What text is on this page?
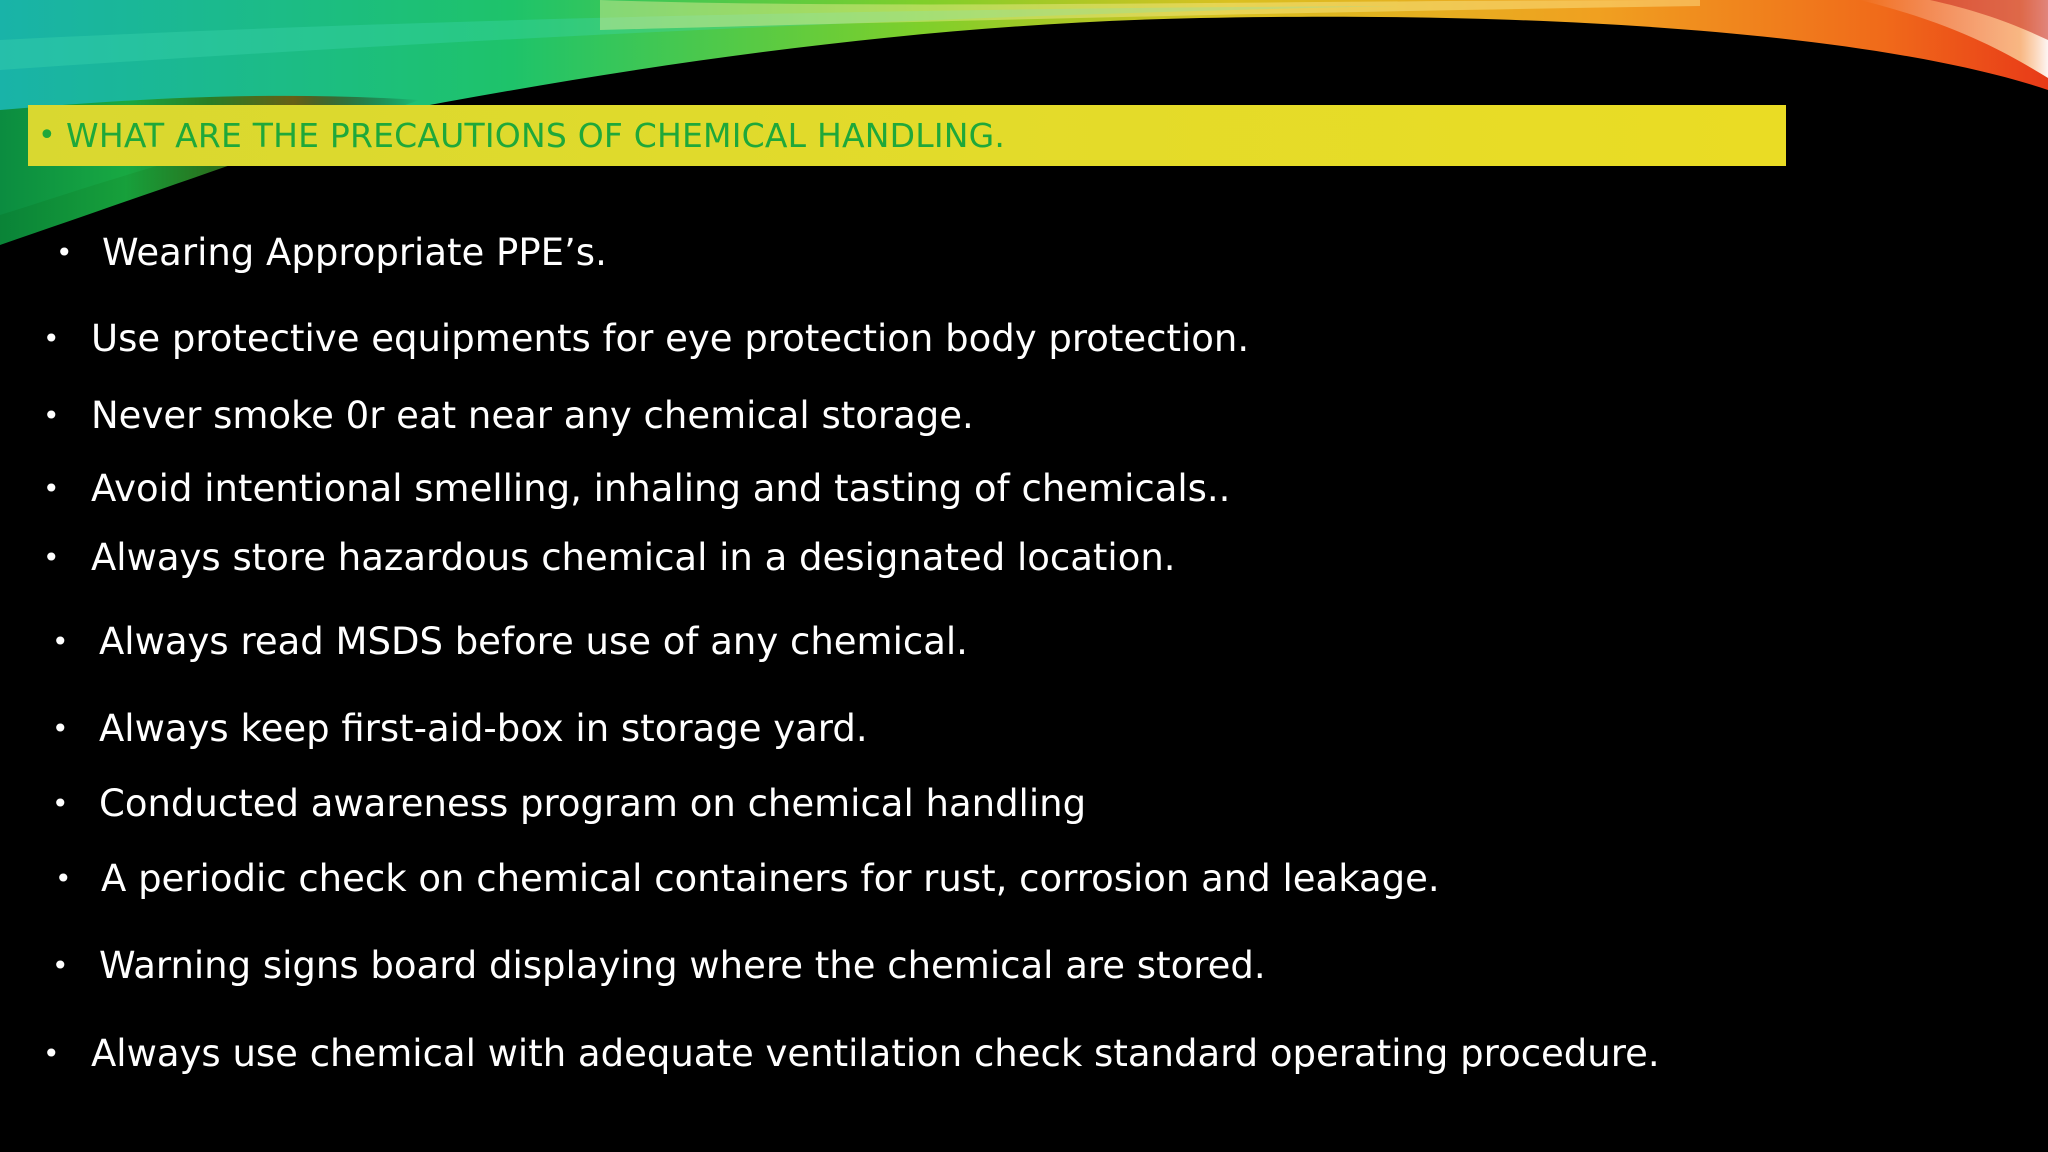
• WHAT ARE THE PRECAUTIONS OF CHEMICAL HANDLING.
• Wearing Appropriate PPE’s.
• Use protective equipments for eye protection body protection.
• Never smoke 0r eat near any chemical storage.
• Avoid intentional smelling, inhaling and tasting of chemicals..
• Always store hazardous chemical in a designated location.
• Always read MSDS before use of any chemical.
• Always keep first-aid-box in storage yard.
• Conducted awareness program on chemical handling
• A periodic check on chemical containers for rust, corrosion and leakage.
• Warning signs board displaying where the chemical are stored.
• Always use chemical with adequate ventilation check standard operating procedure.
